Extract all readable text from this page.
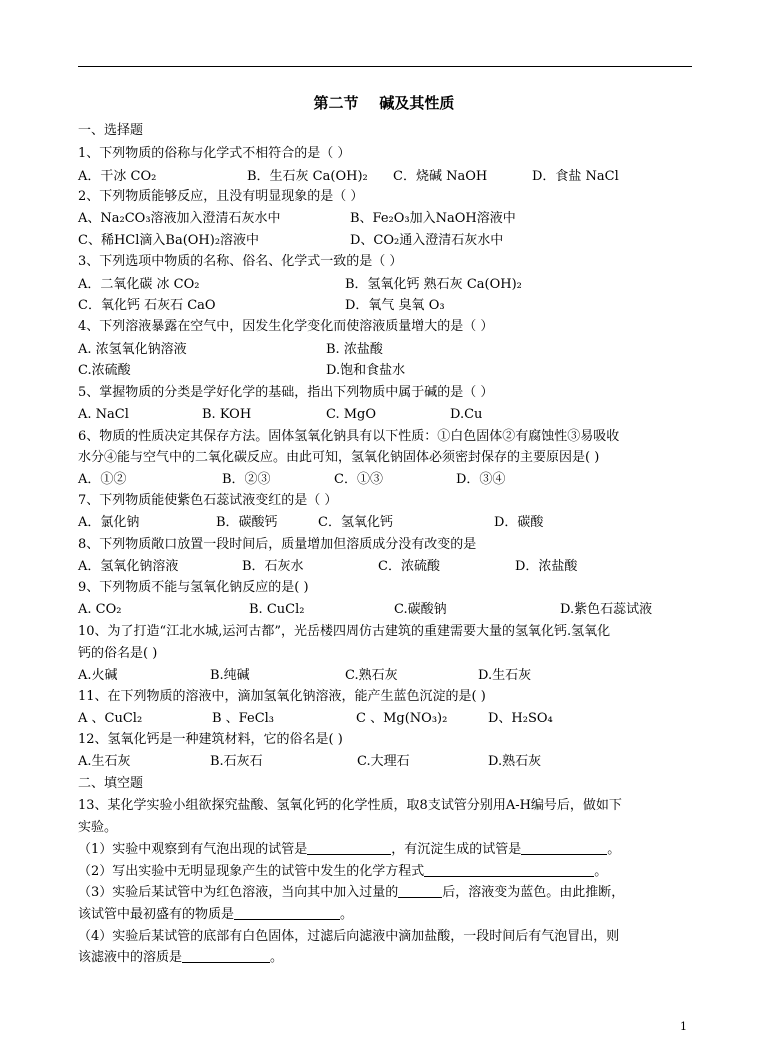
第二节    碱及其性质
一、选择题
1、下列物质的俗称与化学式不相符合的是（ ）
A．干冰 CO₂	B．生石灰 Ca(OH)₂ C．烧碱 NaOH	D．食盐 NaCl
2、下列物质能够反应，且没有明显现象的是（ ）
A、Na₂CO₃溶液加入澄清石灰水中	B、Fe₂O₃加入NaOH溶液中
C、稀HCl滴入Ba(OH)₂溶液中	D、CO₂通入澄清石灰水中
3、下列选项中物质的名称、俗名、化学式一致的是（ ）
A．二氧化碳 冰 CO₂	B．氢氧化钙 熟石灰 Ca(OH)₂
C．氧化钙 石灰石 CaO	D．氧气 臭氧 O₃
4、下列溶液暴露在空气中，因发生化学变化而使溶液质量增大的是（ ）
A. 浓氢氧化钠溶液	B. 浓盐酸
C.浓硫酸	D.饱和食盐水
5、掌握物质的分类是学好化学的基础，指出下列物质中属于碱的是（ ）
A. NaCl	B. KOH	C. MgO	D.Cu
6、物质的性质决定其保存方法。固体氢氧化钠具有以下性质：①白色固体②有腐蚀性③易吸收
水分④能与空气中的二氧化碳反应。由此可知，氢氧化钠固体必须密封保存的主要原因是( )
A．①②	B．②③	C．①③	D．③④
7、下列物质能使紫色石蕊试液变红的是（ ）
A．氯化钠	B．碳酸钙	C．氢氧化钙	D．碳酸
8、下列物质敞口放置一段时间后，质量增加但溶质成分没有改变的是
A．氢氧化钠溶液	B．石灰水	C．浓硫酸	D．浓盐酸
9、下列物质不能与氢氧化钠反应的是( )
A. CO₂	B. CuCl₂	C.碳酸钠	D.紫色石蕊试液
10、为了打造“江北水城,运河古都”，光岳楼四周仿古建筑的重建需要大量的氢氧化钙.氢氧化
钙的俗名是( )
A.火碱	B.纯碱	C.熟石灰	D.生石灰
11、在下列物质的溶液中，滴加氢氧化钠溶液，能产生蓝色沉淀的是( )
A 、CuCl₂	B 、FeCl₃	C 、Mg(NO₃)₂	D、H₂SO₄
12、氢氧化钙是一种建筑材料，它的俗名是( )
A.生石灰	B.石灰石	C.大理石	D.熟石灰
二、填空题
13、某化学实验小组欲探究盐酸、氢氧化钙的化学性质，取8支试管分别用A-H编号后，做如下
实验。
（1）实验中观察到有气泡出现的试管是	，有沉淀生成的试管是	。
（2）写出实验中无明显现象产生的试管中发生的化学方程式	。
（3）实验后某试管中为红色溶液，当向其中加入过量的	后，溶液变为蓝色。由此推断，
该试管中最初盛有的物质是	。
（4）实验后某试管的底部有白色固体，过滤后向滤液中滴加盐酸，一段时间后有气泡冒出，则
该滤液中的溶质是	。
1
